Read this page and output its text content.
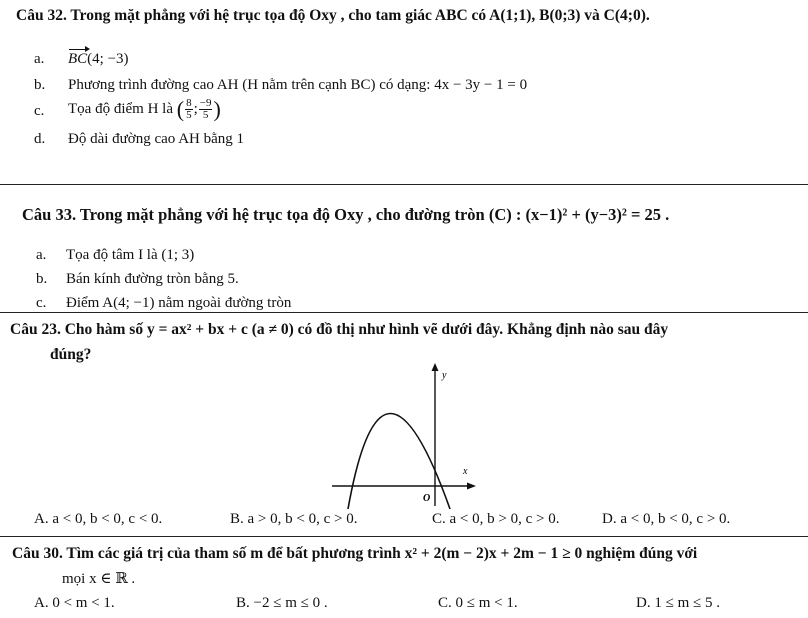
Câu 32. Trong mặt phẳng với hệ trục tọa độ Oxy , cho tam giác ABC có A(1;1), B(0;3) và C(4;0).
a. BC(4; −3)
b. Phương trình đường cao AH (H nằm trên cạnh BC) có dạng: 4x − 3y − 1 = 0
c. Tọa độ điểm H là ( $\frac{8}{5}$ ; $\frac{-9}{5}$ )
d. Độ dài đường cao AH bằng 1
Câu 33. Trong mặt phẳng với hệ trục tọa độ Oxy , cho đường tròn (C) : (x−1)² + (y−3)² = 25 .
a. Tọa độ tâm I là (1; 3)
b. Bán kính đường tròn bằng 5.
c. Điểm A(4; −1) nằm ngoài đường tròn
Câu 23. Cho hàm số y = ax² + bx + c (a ≠ 0) có đồ thị như hình vẽ dưới đây. Khẳng định nào sau đây
đúng?
y
x
O
A. a < 0, b < 0, c < 0.	B. a > 0, b < 0, c > 0.	C. a < 0, b > 0, c > 0.	D. a < 0, b < 0, c > 0.
Câu 30. Tìm các giá trị của tham số m để bất phương trình x² + 2(m − 2)x + 2m − 1 ≥ 0 nghiệm đúng với
mọi x ∈ ℝ .
A. 0 < m < 1.	B. −2 ≤ m ≤ 0 .	C. 0 ≤ m < 1.	D. 1 ≤ m ≤ 5 .
